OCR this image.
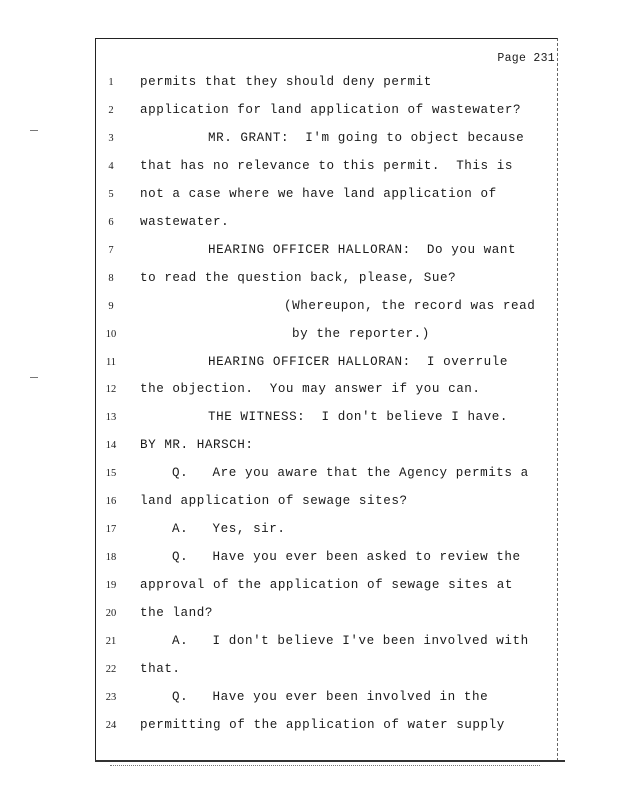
Page 231
1	permits that they should deny permit
2	application for land application of wastewater?
3	MR. GRANT:  I'm going to object because
4	that has no relevance to this permit.  This is
5	not a case where we have land application of
6	wastewater.
7	HEARING OFFICER HALLORAN:  Do you want
8	to read the question back, please, Sue?
9	(Whereupon, the record was read
10	by the reporter.)
11	HEARING OFFICER HALLORAN:  I overrule
12	the objection.  You may answer if you can.
13	THE WITNESS:  I don't believe I have.
14	BY MR. HARSCH:
15	Q.   Are you aware that the Agency permits a
16	land application of sewage sites?
17	A.   Yes, sir.
18	Q.   Have you ever been asked to review the
19	approval of the application of sewage sites at
20	the land?
21	A.   I don't believe I've been involved with
22	that.
23	Q.   Have you ever been involved in the
24	permitting of the application of water supply
